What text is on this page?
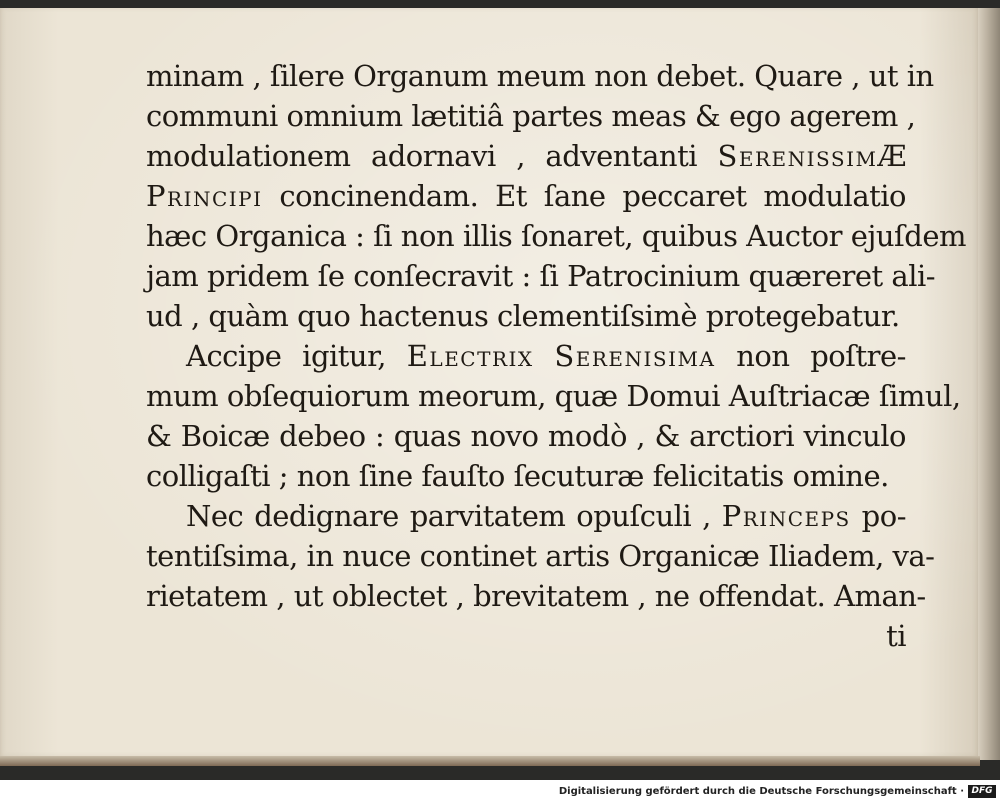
minam , ſilere Organum meum non debet. Quare , ut in
communi omnium lætitiâ partes meas & ego agerem ,
modulationem adornavi , adventanti SerenissimÆ
Principi concinendam. Et ſane peccaret modulatio
hæc Organica : ſi non illis ſonaret, quibus Auctor ejuſdem
jam pridem ſe conſecravit : ſi Patrocinium quæreret ali-
ud , quàm quo hactenus clementiſsimè protegebatur.
Accipe igitur, Electrix Serenisima non poſtre-
mum obſequiorum meorum, quæ Domui Auſtriacæ ſimul,
& Boicæ debeo : quas novo modò , & arctiori vinculo
colligaſti ; non ſine fauſto ſecuturæ felicitatis omine.
Nec dedignare parvitatem opuſculi , Princeps po-
tentiſsima, in nuce continet artis Organicæ Iliadem, va-
rietatem , ut oblectet , brevitatem , ne offendat. Aman-
ti
Digitalisierung gefördert durch die Deutsche Forschungsgemeinschaft · DFG
